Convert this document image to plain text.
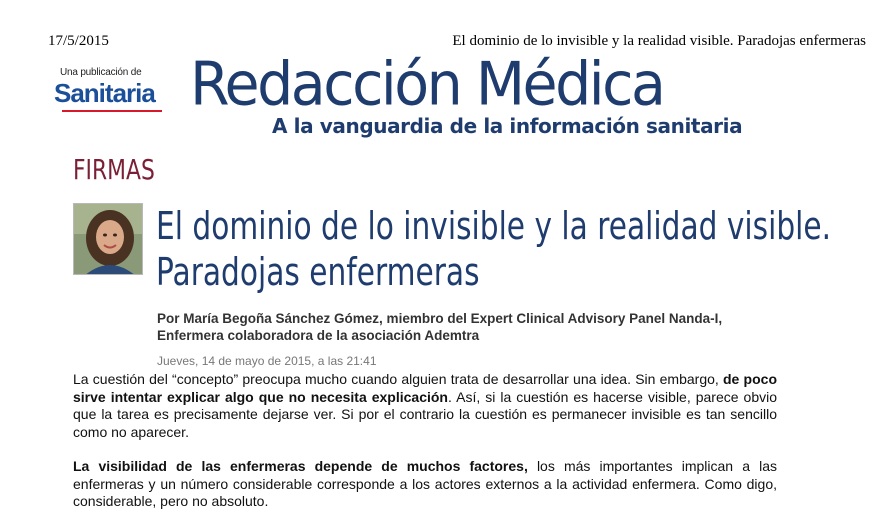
17/5/2015	El dominio de lo invisible y la realidad visible. Paradojas enfermeras
Una publicación de
Sanitaria Redacción Médica
A la vanguardia de la información sanitaria
FIRMAS
El dominio de lo invisible y la realidad visible.
Paradojas enfermeras
Por María Begoña Sánchez Gómez, miembro del Expert Clinical Advisory Panel Nanda-I, Enfermera colaboradora de la asociación Ademtra
Jueves, 14 de mayo de 2015, a las 21:41

La cuestión del “concepto” preocupa mucho cuando alguien trata de desarrollar una idea. Sin embargo, de poco sirve intentar explicar algo que no necesita explicación. Así, si la cuestión es hacerse visible, parece obvio que la tarea es precisamente dejarse ver. Si por el contrario la cuestión es permanecer invisible es tan sencillo como no aparecer.

La visibilidad de las enfermeras depende de muchos factores, los más importantes implican a las enfermeras y un número considerable corresponde a los actores externos a la actividad enfermera. Como digo, considerable, pero no absoluto.
